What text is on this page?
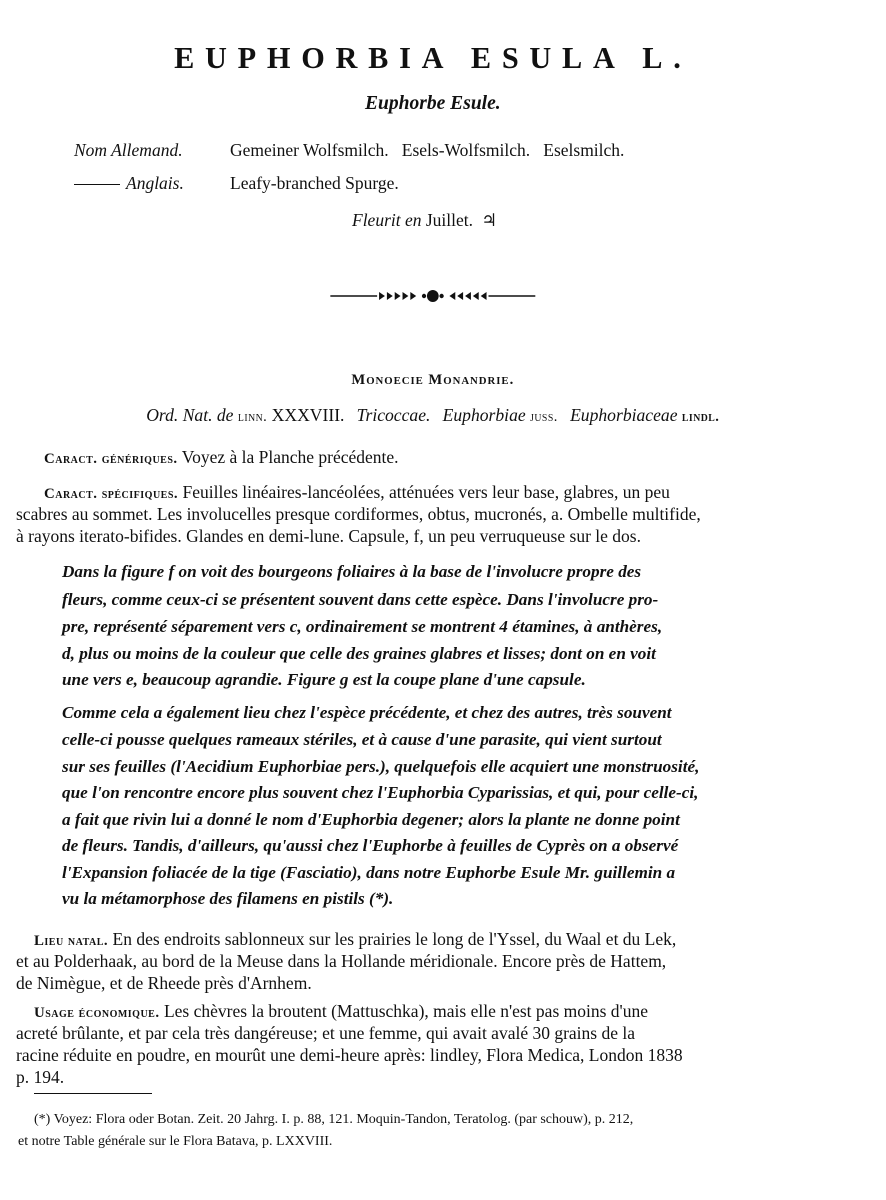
EUPHORBIA ESULA L.
Euphorbe Esule.
Nom Allemand.	Gemeiner Wolfsmilch.   Esels-Wolfsmilch.   Eselsmilch.
Anglais.	Leafy-branched Spurge.
Fleurit en Juillet. ♃
Monoecie Monandrie.
Ord. Nat. de linn. XXXVIII. Tricoccae. Euphorbiae juss. Euphorbiaceae lindl.
Caract. génériques. Voyez à la Planche précédente.
Caract. spécifiques. Feuilles linéaires-lancéolées, atténuées vers leur base, glabres, un peu
scabres au sommet. Les involucelles presque cordiformes, obtus, mucronés, a. Ombelle multifide,
à rayons iterato-bifides. Glandes en demi-lune. Capsule, f, un peu verruqueuse sur le dos.
Dans la figure f on voit des bourgeons foliaires à la base de l'involucre propre des
fleurs, comme ceux-ci se présentent souvent dans cette espèce. Dans l'involucre pro-
pre, représenté séparement vers c, ordinairement se montrent 4 étamines, à anthères,
d, plus ou moins de la couleur que celle des graines glabres et lisses; dont on en voit
une vers e, beaucoup agrandie. Figure g est la coupe plane d'une capsule.
Comme cela a également lieu chez l'espèce précédente, et chez des autres, très souvent
celle-ci pousse quelques rameaux stériles, et à cause d'une parasite, qui vient surtout
sur ses feuilles (l'Aecidium Euphorbiae pers.), quelquefois elle acquiert une monstruosité,
que l'on rencontre encore plus souvent chez l'Euphorbia Cyparissias, et qui, pour celle-ci,
a fait que rivin lui a donné le nom d'Euphorbia degener; alors la plante ne donne point
de fleurs. Tandis, d'ailleurs, qu'aussi chez l'Euphorbe à feuilles de Cyprès on a observé
l'Expansion foliacée de la tige (Fasciatio), dans notre Euphorbe Esule Mr. guillemin a
vu la métamorphose des filamens en pistils (*).
Lieu natal. En des endroits sablonneux sur les prairies le long de l'Yssel, du Waal et du Lek,
et au Polderhaak, au bord de la Meuse dans la Hollande méridionale. Encore près de Hattem,
de Nimègue, et de Rheede près d'Arnhem.
Usage économique. Les chèvres la broutent (Mattuschka), mais elle n'est pas moins d'une
acreté brûlante, et par cela très dangéreuse; et une femme, qui avait avalé 30 grains de la
racine réduite en poudre, en mourût une demi-heure après: lindley, Flora Medica, London 1838
p. 194.
(*) Voyez: Flora oder Botan. Zeit. 20 Jahrg. I. p. 88, 121. Moquin-Tandon, Teratolog. (par schouw), p. 212,
et notre Table générale sur le Flora Batava, p. LXXVIII.
